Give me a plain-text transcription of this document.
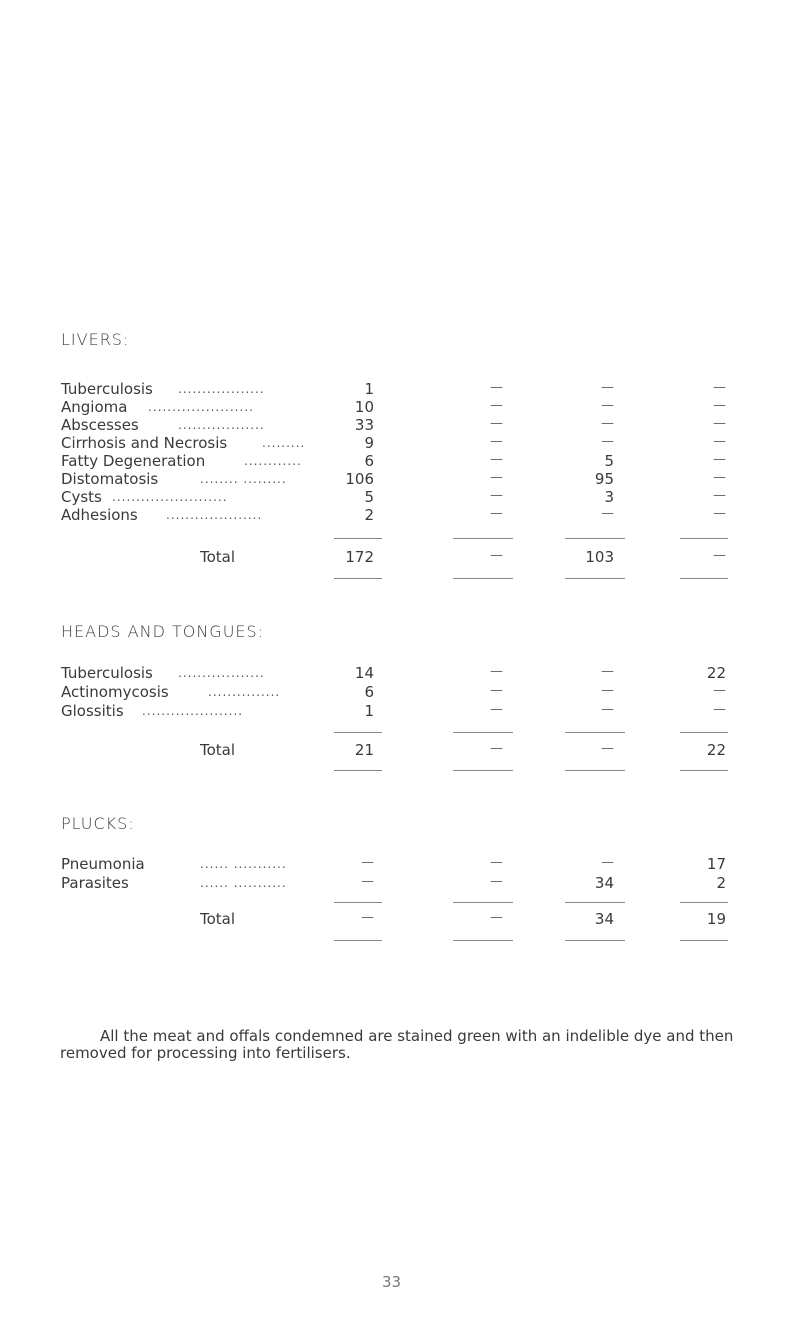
LIVERS:
Tuberculosis ..................	1	—	—	—
Angioma ......................	10	—	—	—
Abscesses	..................	33	—	—	—
Cirrhosis and Necrosis	.........	9	—	—	—
Fatty Degeneration	............	6	—	5	—
Distomatosis	........ .........	106	—	95	—
Cysts ........................	5	—	3	—
Adhesions ....................	2	—	—	—
Total	172	—	103	—
HEADS AND TONGUES:
Tuberculosis ..................	14	—	—	22
Actinomycosis	...............	6	—	—	—
Glossitis .....................	1	—	—	—
Total	21	—	—	22
PLUCKS:
Pneumonia	...... ...........	—	—	—	17
Parasites	...... ...........	—	—	34	2
Total	—	—	34	19
All the meat and offals condemned are stained green with an indelible dye and then removed for processing into fertilisers.
33
